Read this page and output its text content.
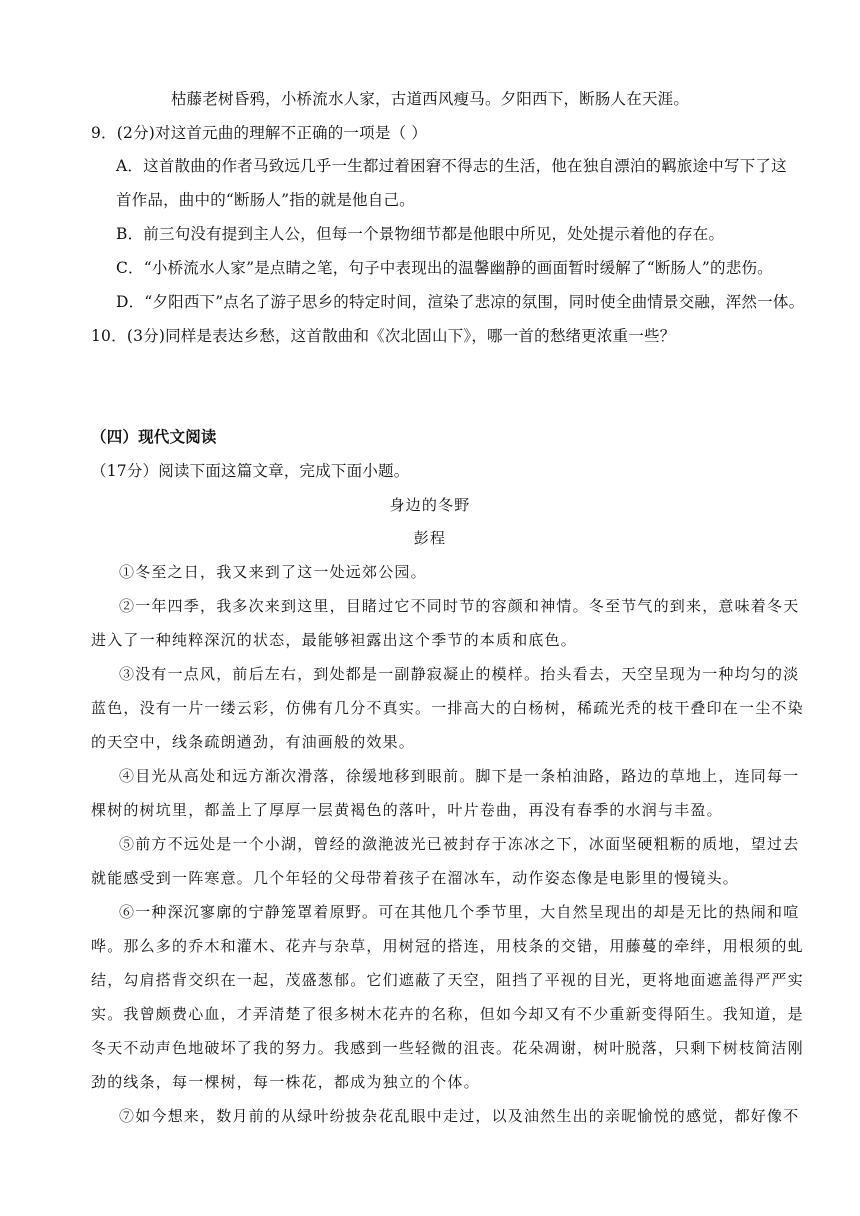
枯藤老树昏鸦，小桥流水人家，古道西风瘦马。夕阳西下，断肠人在天涯。
9．(2分)对这首元曲的理解不正确的一项是（ ）
A．这首散曲的作者马致远几乎一生都过着困窘不得志的生活，他在独自漂泊的羁旅途中写下了这
首作品，曲中的“断肠人”指的就是他自己。
B．前三句没有提到主人公，但每一个景物细节都是他眼中所见，处处提示着他的存在。
C．“小桥流水人家”是点睛之笔，句子中表现出的温馨幽静的画面暂时缓解了“断肠人”的悲伤。
D．“夕阳西下”点名了游子思乡的特定时间，渲染了悲凉的氛围，同时使全曲情景交融，浑然一体。
10．(3分)同样是表达乡愁，这首散曲和《次北固山下》，哪一首的愁绪更浓重一些？
（四）现代文阅读
（17分）阅读下面这篇文章，完成下面小题。
身边的冬野
彭程
①冬至之日，我又来到了这一处远郊公园。
②一年四季，我多次来到这里，目睹过它不同时节的容颜和神情。冬至节气的到来，意味着冬天
进入了一种纯粹深沉的状态，最能够袒露出这个季节的本质和底色。
③没有一点风，前后左右，到处都是一副静寂凝止的模样。抬头看去，天空呈现为一种均匀的淡
蓝色，没有一片一缕云彩，仿佛有几分不真实。一排高大的白杨树，稀疏光秃的枝干叠印在一尘不染
的天空中，线条疏朗遒劲，有油画般的效果。
④目光从高处和远方渐次滑落，徐缓地移到眼前。脚下是一条柏油路，路边的草地上，连同每一
棵树的树坑里，都盖上了厚厚一层黄褐色的落叶，叶片卷曲，再没有春季的水润与丰盈。
⑤前方不远处是一个小湖，曾经的潋滟波光已被封存于冻冰之下，冰面坚硬粗粝的质地，望过去
就能感受到一阵寒意。几个年轻的父母带着孩子在溜冰车，动作姿态像是电影里的慢镜头。
⑥一种深沉寥廓的宁静笼罩着原野。可在其他几个季节里，大自然呈现出的却是无比的热闹和喧
哗。那么多的乔木和灌木、花卉与杂草，用树冠的搭连，用枝条的交错，用藤蔓的牵绊，用根须的虬
结，勾肩搭背交织在一起，茂盛葱郁。它们遮蔽了天空，阻挡了平视的目光，更将地面遮盖得严严实
实。我曾颇费心血，才弄清楚了很多树木花卉的名称，但如今却又有不少重新变得陌生。我知道，是
冬天不动声色地破坏了我的努力。我感到一些轻微的沮丧。花朵凋谢，树叶脱落，只剩下树枝简洁刚
劲的线条，每一棵树，每一株花，都成为独立的个体。
⑦如今想来，数月前的从绿叶纷披杂花乱眼中走过，以及油然生出的亲昵愉悦的感觉，都好像不
